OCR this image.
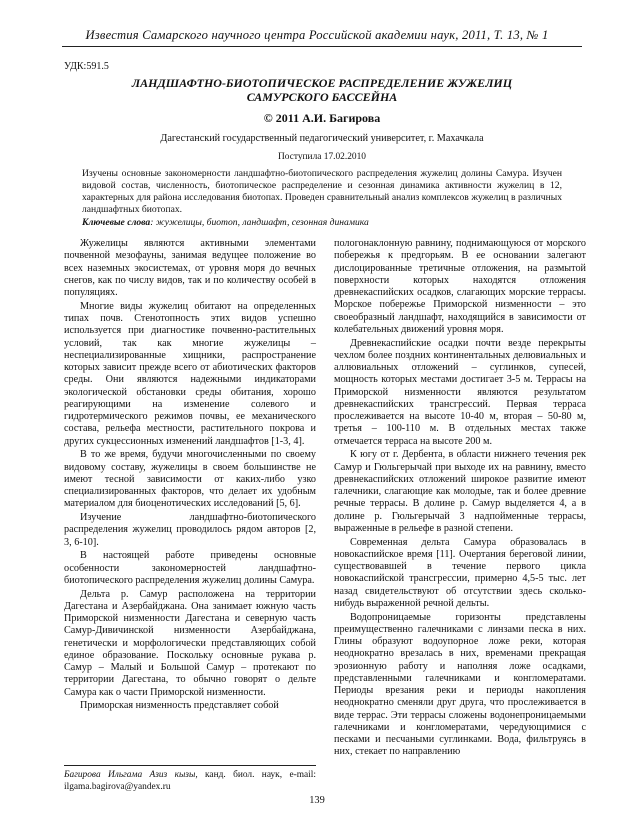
Известия Самарского научного центра Российской академии наук, 2011, Т. 13, № 1
УДК:591.5
ЛАНДШАФТНО-БИОТОПИЧЕСКОЕ РАСПРЕДЕЛЕНИЕ ЖУЖЕЛИЦ
САМУРСКОГО БАССЕЙНА
© 2011 А.И. Багирова
Дагестанский государственный педагогический университет, г. Махачкала
Поступила 17.02.2010

Изучены основные закономерности ландшафтно-биотопического распределения жужелиц долины Самура. Изучен видовой состав, численность, биотопическое распределение и сезонная динамика активности жужелиц в 12, характерных для района исследования биотопах. Проведен сравнительный анализ комплексов жужелиц в различных ландшафтных биотопах.

Ключевые слова: жужелицы, биотоп, ландшафт, сезонная динамика

Жужелицы являются активными элементами почвенной мезофауны, занимая ведущее положение во всех наземных экосистемах, от уровня моря до вечных снегов, как по числу видов, так и по количеству особей в популяциях.

Многие виды жужелиц обитают на определенных типах почв. Стенотопность этих видов успешно используется при диагностике почвенно-растительных условий, так как многие жужелицы – неспециализированные хищники, распространение которых зависит прежде всего от абиотических факторов среды. Они являются надежными индикаторами экологической обстановки среды обитания, хорошо реагирующими на изменение солевого и гидротермического режимов почвы, ее механического состава, рельефа местности, растительного покрова и других сукцессионных изменений ландшафтов [1-3, 4].

В то же время, будучи многочисленными по своему видовому составу, жужелицы в своем большинстве не имеют тесной зависимости от каких-либо узко специализированных факторов, что делает их удобным материалом для биоценотических исследований [5, 6].

Изучение ландшафтно-биотопического распределения жужелиц проводилось рядом авторов [2, 3, 6-10].

В настоящей работе приведены основные особенности закономерностей ландшафтно-биотопического распределения жужелиц долины Самура.

Дельта р. Самур расположена на территории Дагестана и Азербайджана. Она занимает южную часть Приморской низменности Дагестана и северную часть Самур-Дивичинской низменности Азербайджана, генетически и морфологически представляющих собой единое образование. Поскольку основные рукава р. Самур – Малый и Большой Самур – протекают по территории Дагестана, то обычно говорят о дельте Самура как о части Приморской низменности.

Приморская низменность представляет собой

пологонаклонную равнину, поднимающуюся от морского побережья к предгорьям. В ее основании залегают дислоцированные третичные отложения, на размытой поверхности которых находятся отложения древнекаспийских осадков, слагающих морские террасы. Морское побережье Приморской низменности – это своеобразный ландшафт, находящийся в зависимости от колебательных движений уровня моря.

Древнекаспийские осадки почти везде перекрыты чехлом более поздних континентальных делювиальных и аллювиальных отложений – суглинков, супесей, мощность которых местами достигает 3-5 м. Террасы на Приморской низменности являются результатом древнекаспийских трансгрессий. Первая терраса прослеживается на высоте 10-40 м, вторая – 50-80 м, третья – 100-110 м. В отдельных местах также отмечается терраса на высоте 200 м.

К югу от г. Дербента, в области нижнего течения рек Самур и Гюльгерычай при выходе их на равнину, вместо древнекаспийских отложений широкое развитие имеют галечники, слагающие как молодые, так и более древние речные террасы. В долине р. Самур выделяется 4, а в долине р. Гюльгерычай 3 надпойменные террасы, выраженные в рельефе в разной степени.

Современная дельта Самура образовалась в новокаспийское время [11]. Очертания береговой линии, существовавшей в течение первого цикла новокаспийской трансгрессии, примерно 4,5-5 тыс. лет назад свидетельствуют об отсутствии здесь сколько-нибудь выраженной речной дельты.

Водопроницаемые горизонты представлены преимущественно галечниками с линзами песка в них. Глины образуют водоупорное ложе реки, которая неоднократно врезалась в них, временами прекращая эрозионную работу и наполняя ложе осадками, представленными галечниками и конгломератами. Периоды врезания реки и периоды накопления неоднократно сменяли друг друга, что прослеживается в виде террас. Эти террасы сложены водонепроницаемыми галечниками и конгломератами, чередующимися с песками и песчаными суглинками. Вода, фильтруясь в них, стекает по направлению

Багирова Ильгама Азиз кызы, канд. биол. наук, e-mail: ilgama.bagirova@yandex.ru
139
